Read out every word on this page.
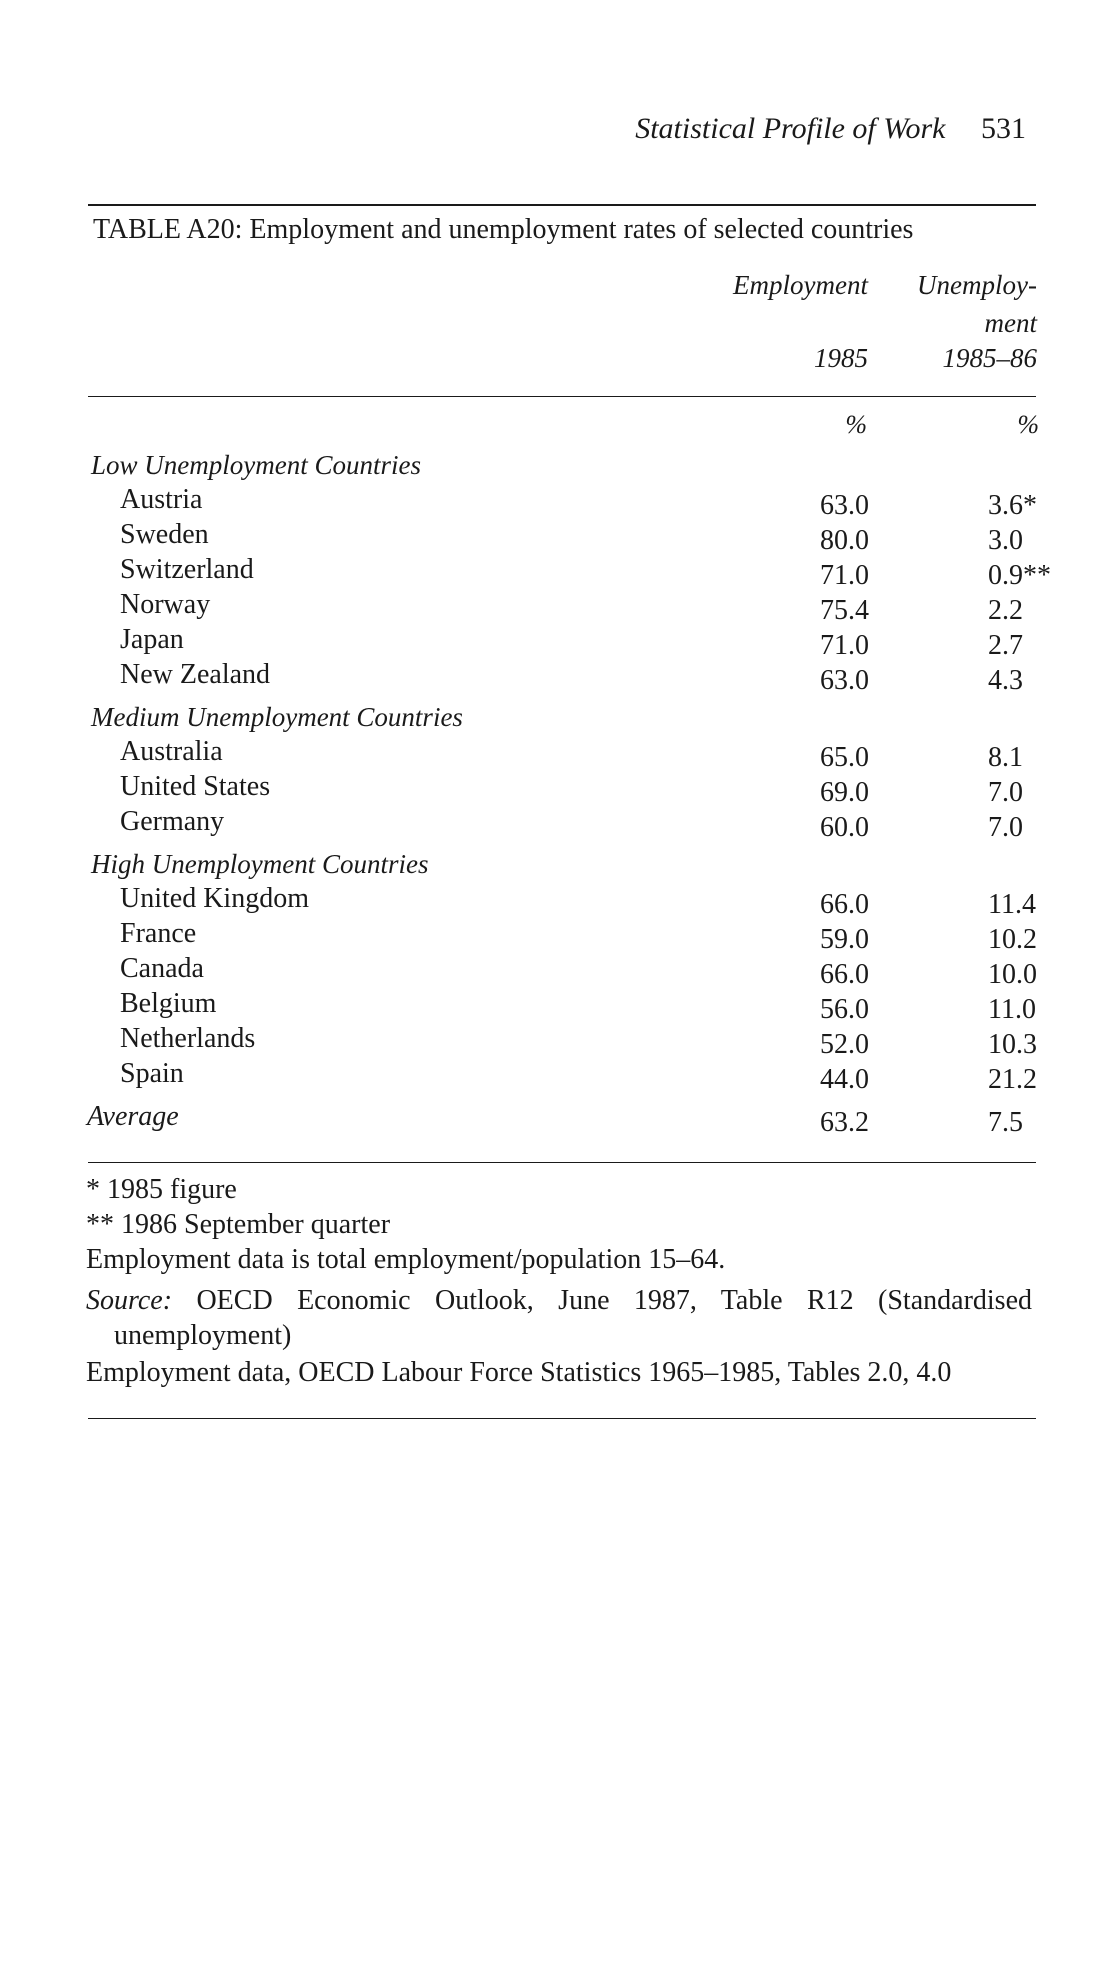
Statistical Profile of Work 531
TABLE A20: Employment and unemployment rates of selected countries
Employment Unemploy-
ment
1985	1985–86
%	%
Low Unemployment Countries
Austria	63.0	3.6*
Sweden	80.0	3.0
Switzerland	71.0	0.9**
Norway	75.4	2.2
Japan	71.0	2.7
New Zealand	63.0	4.3
Medium Unemployment Countries
Australia	65.0	8.1
United States	69.0	7.0
Germany	60.0	7.0
High Unemployment Countries
United Kingdom	66.0	11.4
France	59.0	10.2
Canada	66.0	10.0
Belgium	56.0	11.0
Netherlands	52.0	10.3
Spain	44.0	21.2
Average	63.2	7.5
* 1985 figure
** 1986 September quarter
Employment data is total employment/population 15–64.
Source: OECD Economic Outlook, June 1987, Table R12 (Standardised
unemployment)
Employment data, OECD Labour Force Statistics 1965–1985, Tables 2.0, 4.0
